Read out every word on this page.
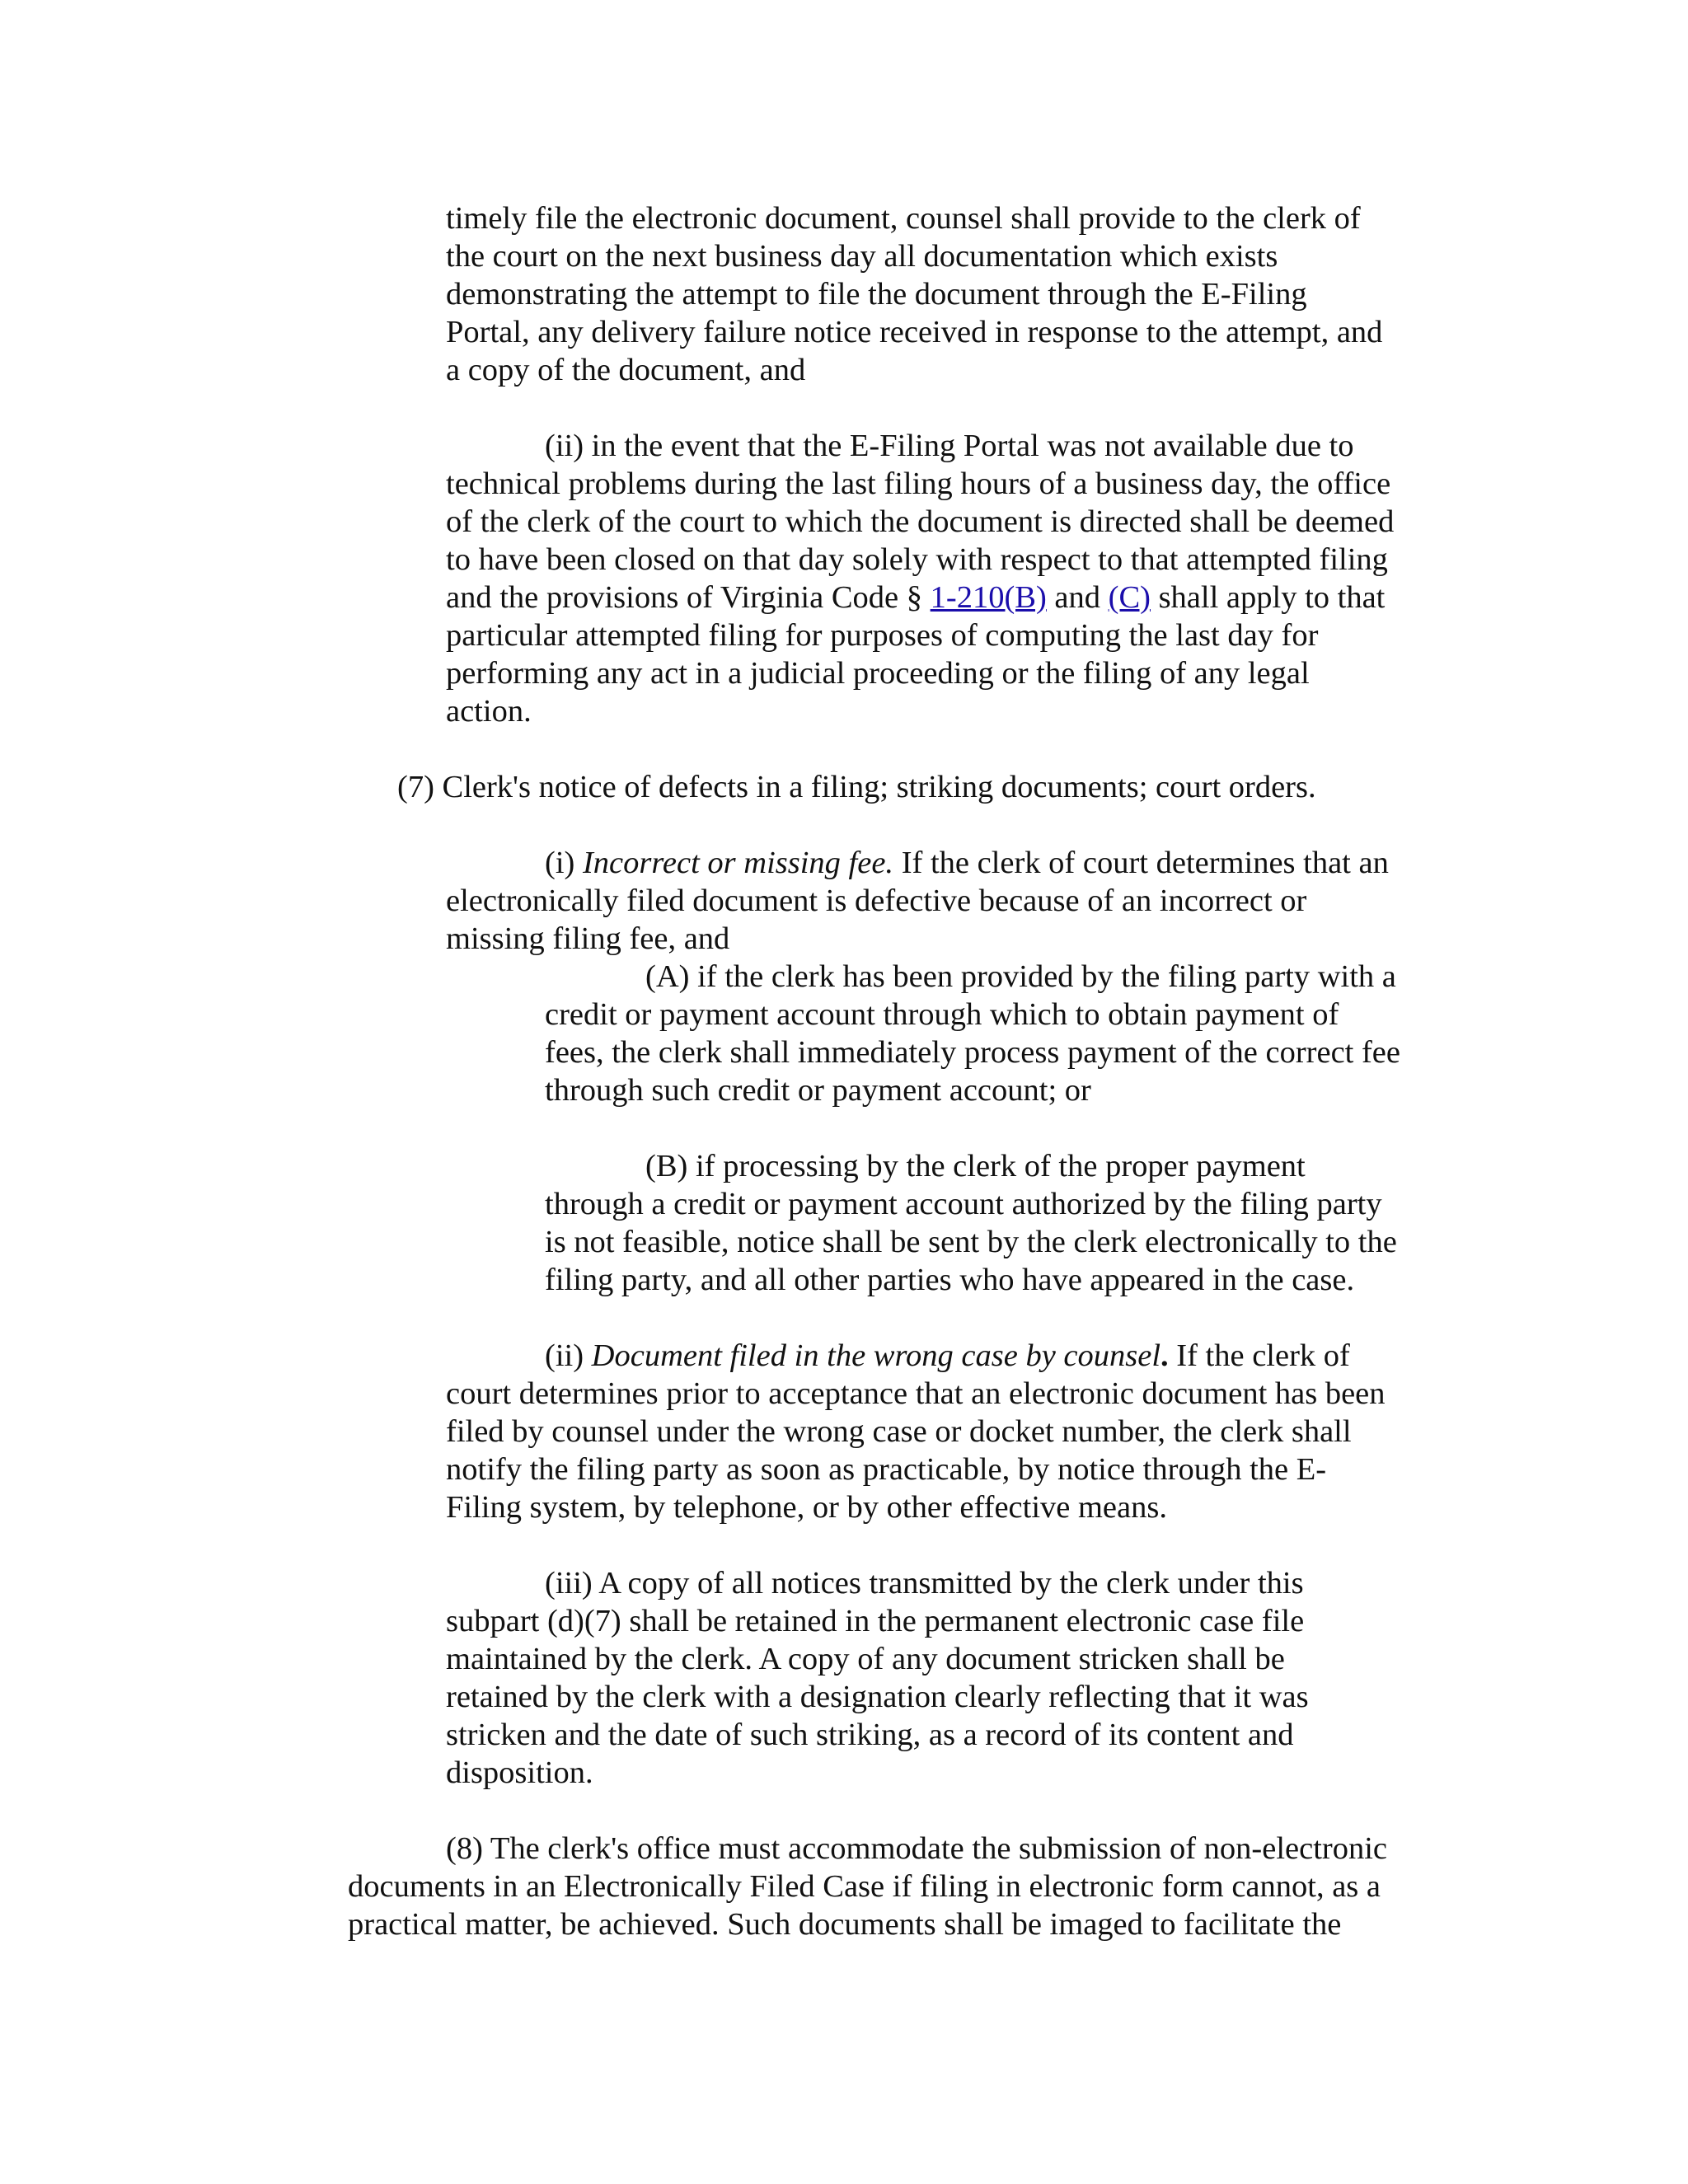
timely file the electronic document, counsel shall provide to the clerk of
the court on the next business day all documentation which exists
demonstrating the attempt to file the document through the E-Filing
Portal, any delivery failure notice received in response to the attempt, and
a copy of the document, and
(ii) in the event that the E-Filing Portal was not available due to
technical problems during the last filing hours of a business day, the office
of the clerk of the court to which the document is directed shall be deemed
to have been closed on that day solely with respect to that attempted filing
and the provisions of Virginia Code § 1-210(B) and (C) shall apply to that
particular attempted filing for purposes of computing the last day for
performing any act in a judicial proceeding or the filing of any legal
action.
(7) Clerk's notice of defects in a filing; striking documents; court orders.
(i) Incorrect or missing fee. If the clerk of court determines that an
electronically filed document is defective because of an incorrect or
missing filing fee, and
(A) if the clerk has been provided by the filing party with a
credit or payment account through which to obtain payment of
fees, the clerk shall immediately process payment of the correct fee
through such credit or payment account; or
(B) if processing by the clerk of the proper payment
through a credit or payment account authorized by the filing party
is not feasible, notice shall be sent by the clerk electronically to the
filing party, and all other parties who have appeared in the case.
(ii) Document filed in the wrong case by counsel. If the clerk of
court determines prior to acceptance that an electronic document has been
filed by counsel under the wrong case or docket number, the clerk shall
notify the filing party as soon as practicable, by notice through the E-
Filing system, by telephone, or by other effective means.
(iii) A copy of all notices transmitted by the clerk under this
subpart (d)(7) shall be retained in the permanent electronic case file
maintained by the clerk. A copy of any document stricken shall be
retained by the clerk with a designation clearly reflecting that it was
stricken and the date of such striking, as a record of its content and
disposition.
(8) The clerk's office must accommodate the submission of non-electronic
documents in an Electronically Filed Case if filing in electronic form cannot, as a
practical matter, be achieved. Such documents shall be imaged to facilitate the
